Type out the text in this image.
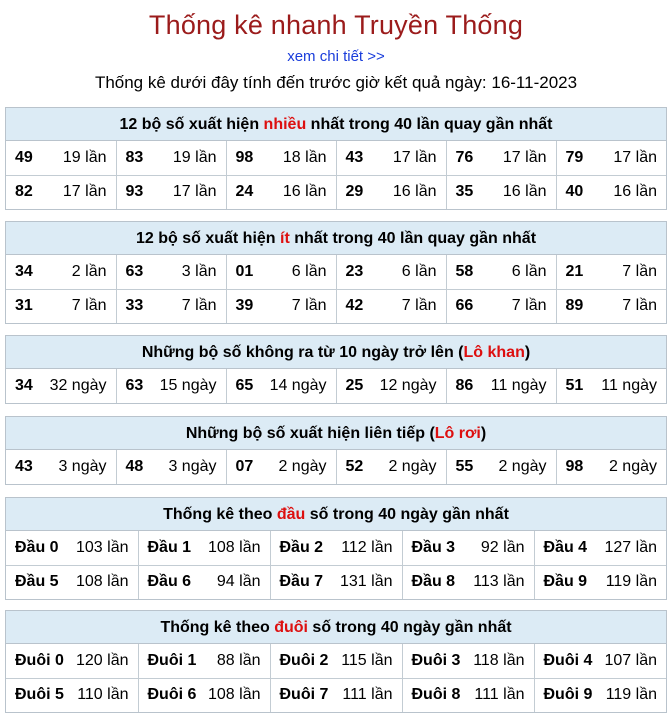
Thống kê nhanh Truyền Thống
xem chi tiết >>
Thống kê dưới đây tính đến trước giờ kết quả ngày: 16-11-2023
12 bộ số xuất hiện nhiều nhất trong 40 lần quay gần nhất
49 19 lần	83 19 lần	98 18 lần	43 17 lần	76 17 lần	79 17 lần

82 17 lần	93 17 lần	24 16 lần	29 16 lần	35 16 lần	40 16 lần
12 bộ số xuất hiện ít nhất trong 40 lần quay gần nhất
34 2 lần	63 3 lần	01 6 lần	23 6 lần	58 6 lần	21 7 lần

31 7 lần	33 7 lần	39 7 lần	42 7 lần	66 7 lần	89 7 lần
Những bộ số không ra từ 10 ngày trở lên (Lô khan)
34 32 ngày	63 15 ngày	65 14 ngày	25 12 ngày	86 11 ngày	51 11 ngày
Những bộ số xuất hiện liên tiếp (Lô rơi)
43 3 ngày	48 3 ngày	07 2 ngày	52 2 ngày	55 2 ngày	98 2 ngày
Thống kê theo đầu số trong 40 ngày gần nhất
Đầu 0 103 lần	Đầu 1 108 lần	Đầu 2 112 lần	Đầu 3 92 lần	Đầu 4 127 lần

Đầu 5 108 lần	Đầu 6 94 lần	Đầu 7 131 lần	Đầu 8 113 lần	Đầu 9 119 lần
Thống kê theo đuôi số trong 40 ngày gần nhất
Đuôi 0 120 lần	Đuôi 1 88 lần	Đuôi 2 115 lần	Đuôi 3 118 lần	Đuôi 4 107 lần

Đuôi 5 110 lần	Đuôi 6 108 lần	Đuôi 7 111 lần	Đuôi 8 111 lần	Đuôi 9 119 lần
